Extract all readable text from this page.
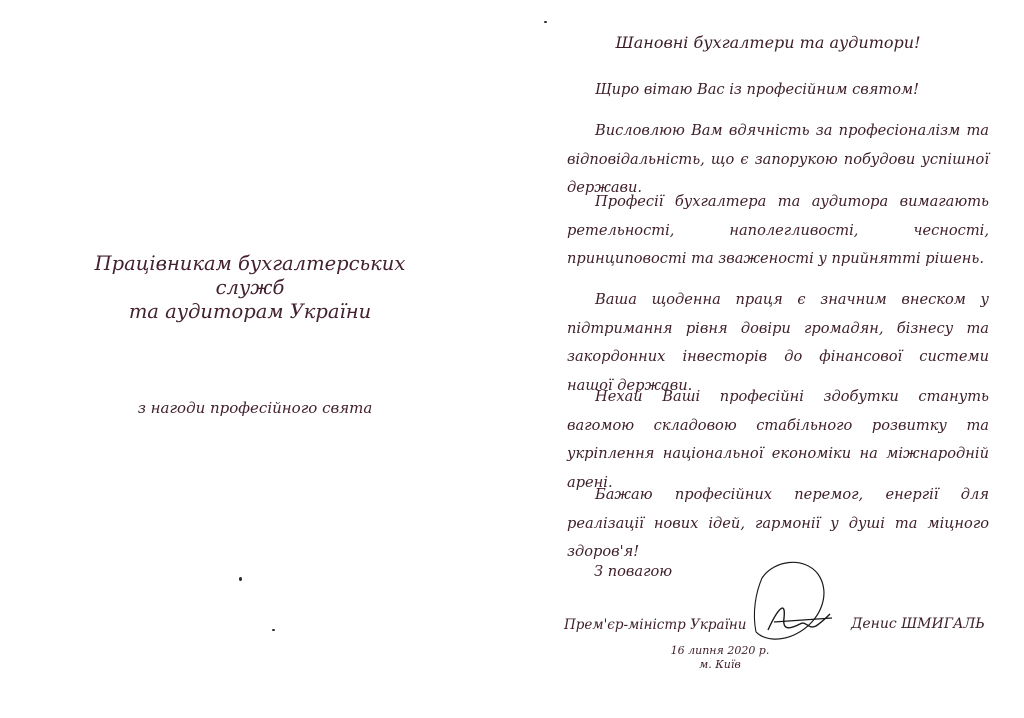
Працівникам бухгалтерських служб
та аудиторам України
з нагоди професійного свята
Шановні бухгалтери та аудитори!

Щиро вітаю Вас із професійним святом!

Висловлюю Вам вдячність за професіоналізм та відповідальність, що є запорукою побудови успішної держави.

Професії бухгалтера та аудитора вимагають ретельності, наполегливості, чесності, принциповості та зваженості у прийнятті рішень.

Ваша щоденна праця є значним внеском у підтримання рівня довіри громадян, бізнесу та закордонних інвесторів до фінансової системи нашої держави.

Нехай Ваші професійні здобутки стануть вагомою складовою стабільного розвитку та укріплення національної економіки на міжнародній арені.

Бажаю професійних перемог, енергії для реалізації нових ідей, гармонії у душі та міцного здоров'я!

З повагою
Прем'єр-міністр України	Денис ШМИГАЛЬ
16 липня 2020 р.
м. Київ
